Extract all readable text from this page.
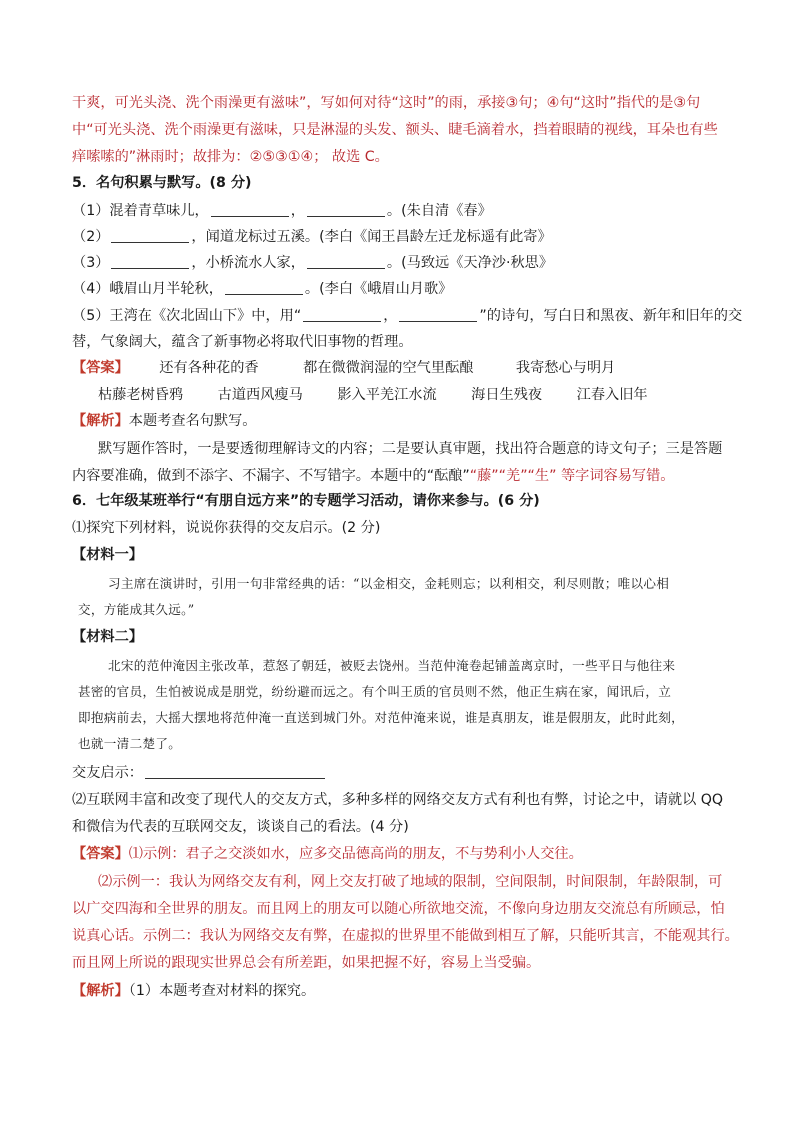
干爽，可光头浇、洗个雨澡更有滋味”，写如何对待“这时”的雨，承接③句；④句“这时”指代的是③句
中“可光头浇、洗个雨澡更有滋味，只是淋湿的头发、额头、睫毛滴着水，挡着眼睛的视线，耳朵也有些
痒嗦嗦的”淋雨时；故排为：②⑤③①④； 故选 C。
5．名句积累与默写。(8 分)
（1）混着青草味儿，	，	。(朱自清《春》
（2）	，闻道龙标过五溪。(李白《闻王昌龄左迁龙标遥有此寄》
（3）	，小桥流水人家，	。(马致远《天净沙·秋思》
（4）峨眉山月半轮秋，	。(李白《峨眉山月歌》
（5）王湾在《次北固山下》中，用“	，	”的诗句，写白日和黑夜、新年和旧年的交
替，气象阔大，蕴含了新事物必将取代旧事物的哲理。
【答案】 还有各种花的香	都在微微润湿的空气里酝酿	我寄愁心与明月
枯藤老树昏鸦 古道西风瘦马 影入平羌江水流 海日生残夜 江春入旧年
【解析】本题考查名句默写。
默写题作答时，一是要透彻理解诗文的内容；二是要认真审题，找出符合题意的诗文句子；三是答题
内容要准确，做到不添字、不漏字、不写错字。本题中的“酝酿”“藤”“羌”“生” 等字词容易写错。
6．七年级某班举行“有朋自远方来”的专题学习活动，请你来参与。(6 分)
⑴探究下列材料，说说你获得的交友启示。(2 分)
【材料一】
习主席在演讲时，引用一句非常经典的话：“以金相交，金耗则忘；以利相交，利尽则散；唯以心相
交，方能成其久远。”
【材料二】
北宋的范仲淹因主张改革，惹怒了朝廷，被贬去饶州。当范仲淹卷起铺盖离京时，一些平日与他往来
甚密的官员，生怕被说成是朋党，纷纷避而远之。有个叫王质的官员则不然，他正生病在家，闻讯后，立
即抱病前去，大摇大摆地将范仲淹一直送到城门外。对范仲淹来说，谁是真朋友，谁是假朋友，此时此刻，
也就一清二楚了。
交友启示：
⑵互联网丰富和改变了现代人的交友方式，多种多样的网络交友方式有利也有弊，讨论之中，请就以 QQ
和微信为代表的互联网交友，谈谈自己的看法。(4 分)
【答案】⑴示例：君子之交淡如水，应多交品德高尚的朋友，不与势利小人交往。
⑵示例一：我认为网络交友有利，网上交友打破了地域的限制，空间限制，时间限制，年龄限制，可
以广交四海和全世界的朋友。而且网上的朋友可以随心所欲地交流，不像向身边朋友交流总有所顾忌，怕
说真心话。示例二：我认为网络交友有弊，在虚拟的世界里不能做到相互了解，只能听其言，不能观其行。
而且网上所说的跟现实世界总会有所差距，如果把握不好，容易上当受骗。
【解析】（1）本题考查对材料的探究。
